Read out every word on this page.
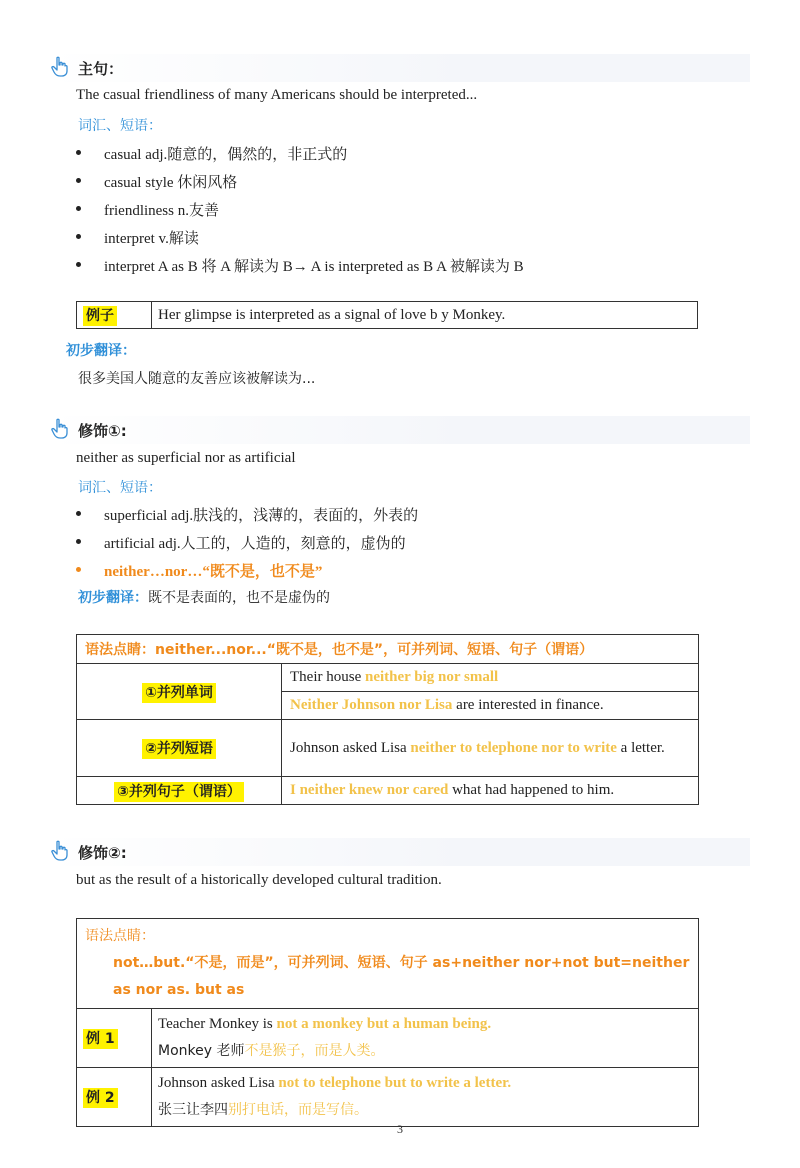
主句：
The casual friendliness of many Americans should be interpreted...
词汇、短语：
casual adj.随意的，偶然的，非正式的
casual style 休闲风格
friendliness n.友善
interpret v.解读
interpret A as B 将 A 解读为 B→ A is interpreted as B A 被解读为 B
例子	Her glimpse is interpreted as a signal of love b y Monkey.
初步翻译：
很多美国人随意的友善应该被解读为...
修饰①:
neither as superficial nor as artificial
词汇、短语：
superficial adj.肤浅的，浅薄的，表面的，外表的
artificial adj.人工的，人造的，刻意的，虚伪的
neither…nor…“既不是，也不是”
初步翻译：既不是表面的，也不是虚伪的
语法点睛：neither...nor...“既不是，也不是”，可并列词、短语、句子（谓语）	
①并列单词	Their house neither big nor small
	Neither Johnson nor Lisa are interested in finance.
②并列短语	Johnson asked Lisa neither to telephone nor to write a letter.
③并列句子（谓语）	I neither knew nor cared what had happened to him.
修饰②:
but as the result of a historically developed cultural tradition.
语法点睛：
not…but.“不是，而是”，可并列词、短语、句子 as+neither nor+not but=neither as nor as. but as	

例 1	Teacher Monkey is not a monkey but a human being.
Monkey 老师不是猴子，而是人类。

例 2	Johnson asked Lisa not to telephone but to write a letter.
张三让李四别打电话，而是写信。
3
